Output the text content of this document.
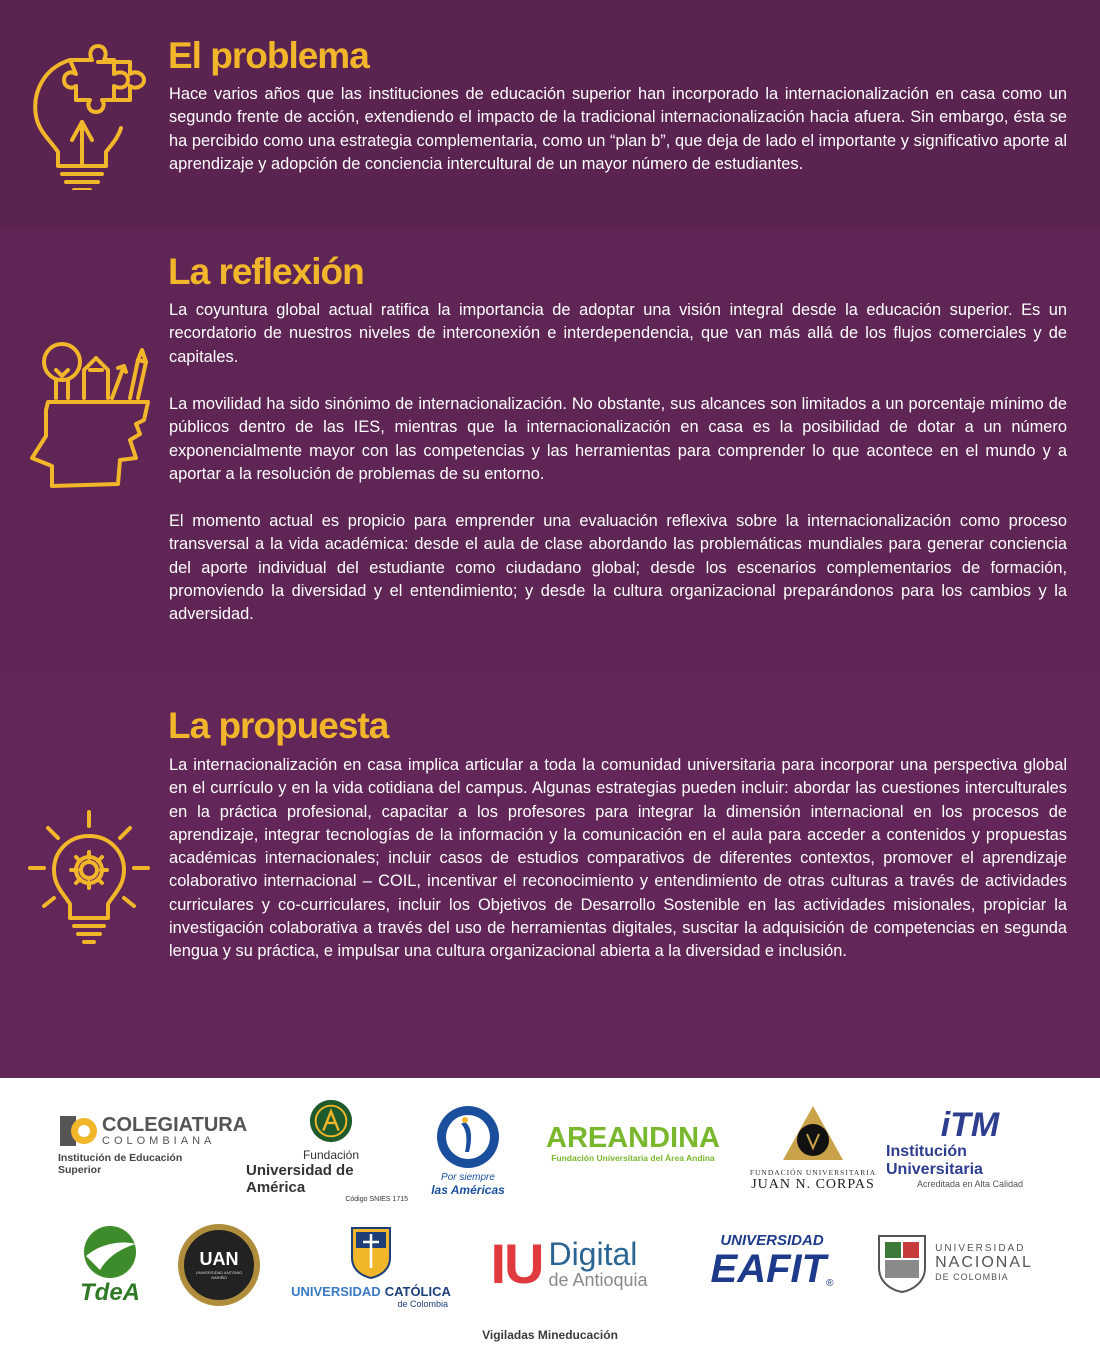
El problema

Hace varios años que las instituciones de educación superior han incorporado la internacionalización en casa como un segundo frente de acción, extendiendo el impacto de la tradicional internacionalización hacia afuera. Sin embargo, ésta se ha percibido como una estrategia complementaria, como un “plan b”, que deja de lado el importante y significativo aporte al aprendizaje y adopción de conciencia intercultural de un mayor número de estudiantes.

La reflexión

La coyuntura global actual ratifica la importancia de adoptar una visión integral desde la educación superior. Es un recordatorio de nuestros niveles de interconexión e interdependencia, que van más allá de los flujos comerciales y de capitales.

La movilidad ha sido sinónimo de internacionalización. No obstante, sus alcances son limitados a un porcentaje mínimo de públicos dentro de las IES, mientras que la internacionalización en casa es la posibilidad de dotar a un número exponencialmente mayor con las competencias y las herramientas para comprender lo que acontece en el mundo y a aportar a la resolución de problemas de su entorno.

El momento actual es propicio para emprender una evaluación reflexiva sobre la internacionalización como proceso transversal a la vida académica: desde el aula de clase abordando las problemáticas mundiales para generar conciencia del aporte individual del estudiante como ciudadano global; desde los escenarios complementarios de formación, promoviendo la diversidad y el entendimiento; y desde la cultura organizacional preparándonos para los cambios y la adversidad.

La propuesta

La internacionalización en casa implica articular a toda la comunidad universitaria para incorporar una perspectiva global en el currículo y en la vida cotidiana del campus. Algunas estrategias pueden incluir: abordar las cuestiones interculturales en la práctica profesional, capacitar a los profesores para integrar la dimensión internacional en los procesos de aprendizaje, integrar tecnologías de la información y la comunicación en el aula para acceder a contenidos y propuestas académicas internacionales; incluir casos de estudios comparativos de diferentes contextos, promover el aprendizaje colaborativo internacional – COIL, incentivar el reconocimiento y entendimiento de otras culturas a través de actividades curriculares y co-curriculares, incluir los Objetivos de Desarrollo Sostenible en las actividades misionales, propiciar la investigación colaborativa a través del uso de herramientas digitales, suscitar la adquisición de competencias en segunda lengua y su práctica, e impulsar una cultura organizacional abierta a la diversidad e inclusión.

COLEGIATURA
COLOMBIANA
Institución de Educación Superior
Fundación
Universidad de América
Código SNIES 1715
Por siempre
las Américas
AREANDINA
Fundación Universitaria del Área Andina
FUNDACIÓN UNIVERSITARIA
JUAN N. CORPAS
iTM
Institución Universitaria
Acreditada en Alta Calidad
TdeA
UAN
UNIVERSIDAD ANTONIO NARIÑO
UNIVERSIDAD CATÓLICA
de Colombia
IU Digital
de Antioquia
UNIVERSIDAD
EAFIT ®
UNIVERSIDAD
NACIONAL
DE COLOMBIA
Vigiladas Mineducación
